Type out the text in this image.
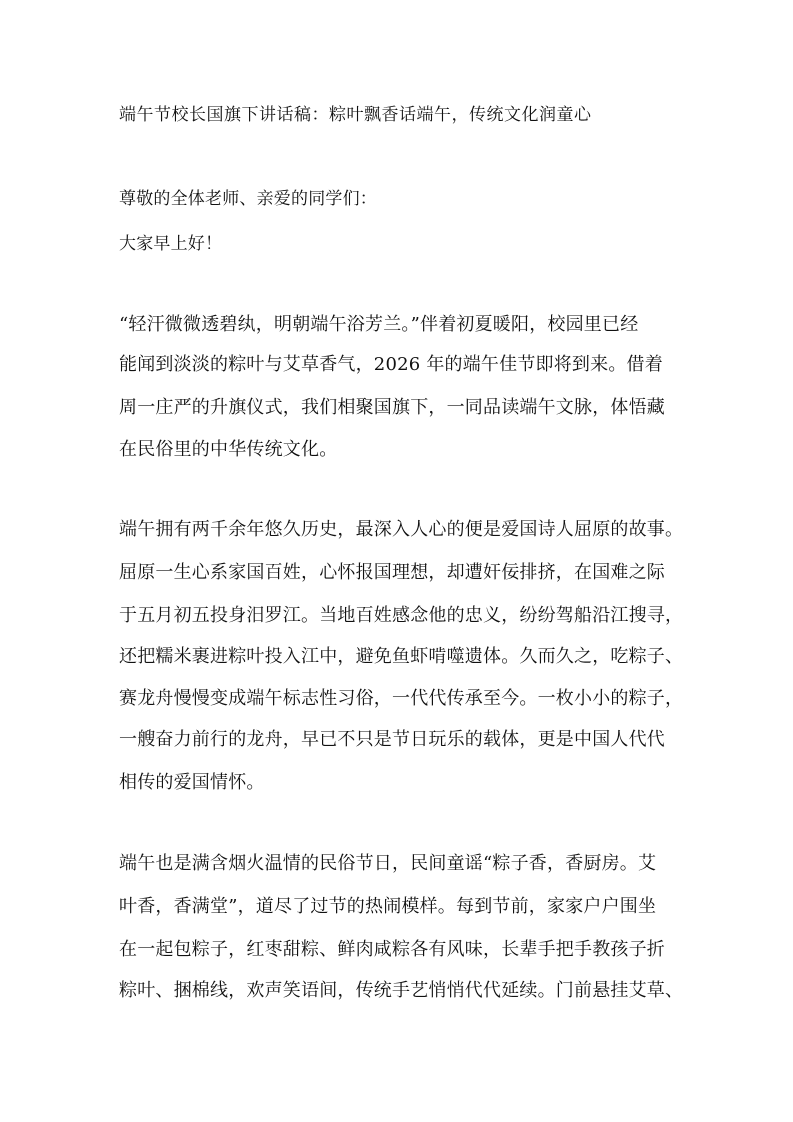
端午节校长国旗下讲话稿：粽叶飘香话端午，传统文化润童心
尊敬的全体老师、亲爱的同学们：
大家早上好！
“轻汗微微透碧纨，明朝端午浴芳兰。”伴着初夏暖阳，校园里已经
能闻到淡淡的粽叶与艾草香气，2026 年的端午佳节即将到来。借着
周一庄严的升旗仪式，我们相聚国旗下，一同品读端午文脉，体悟藏
在民俗里的中华传统文化。
端午拥有两千余年悠久历史，最深入人心的便是爱国诗人屈原的故事。
屈原一生心系家国百姓，心怀报国理想，却遭奸佞排挤，在国难之际
于五月初五投身汨罗江。当地百姓感念他的忠义，纷纷驾船沿江搜寻，
还把糯米裹进粽叶投入江中，避免鱼虾啃噬遗体。久而久之，吃粽子、
赛龙舟慢慢变成端午标志性习俗，一代代传承至今。一枚小小的粽子，
一艘奋力前行的龙舟，早已不只是节日玩乐的载体，更是中国人代代
相传的爱国情怀。
端午也是满含烟火温情的民俗节日，民间童谣“粽子香，香厨房。艾
叶香，香满堂”，道尽了过节的热闹模样。每到节前，家家户户围坐
在一起包粽子，红枣甜粽、鲜肉咸粽各有风味，长辈手把手教孩子折
粽叶、捆棉线，欢声笑语间，传统手艺悄悄代代延续。门前悬挂艾草、
